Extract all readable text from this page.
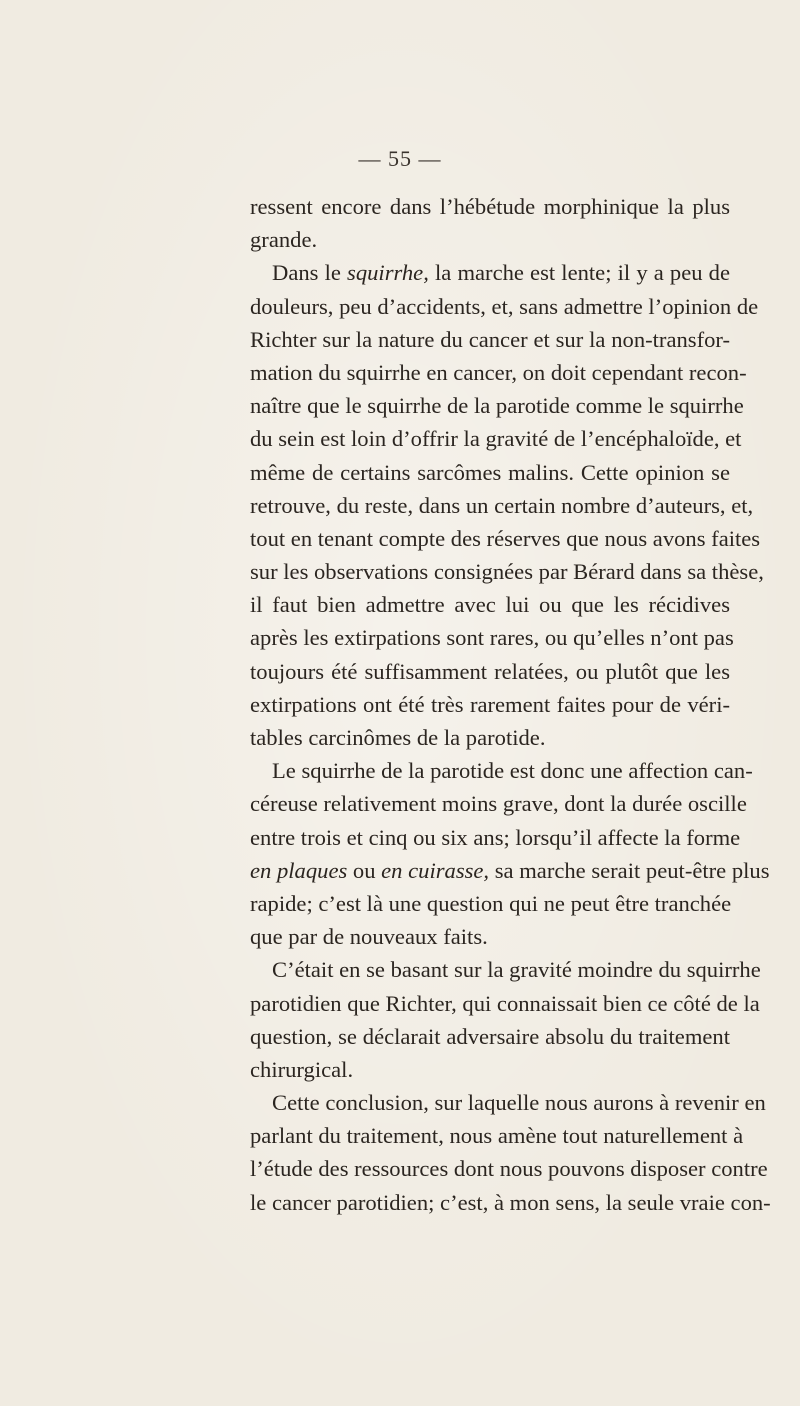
— 55 —
ressent encore dans l’hébétude morphinique la plus
grande.
Dans le squirrhe, la marche est lente; il y a peu de
douleurs, peu d’accidents, et, sans admettre l’opinion de
Richter sur la nature du cancer et sur la non-transfor-
mation du squirrhe en cancer, on doit cependant recon-
naître que le squirrhe de la parotide comme le squirrhe
du sein est loin d’offrir la gravité de l’encéphaloïde, et
même de certains sarcômes malins. Cette opinion se
retrouve, du reste, dans un certain nombre d’auteurs, et,
tout en tenant compte des réserves que nous avons faites
sur les observations consignées par Bérard dans sa thèse,
il faut bien admettre avec lui ou que les récidives
après les extirpations sont rares, ou qu’elles n’ont pas
toujours été suffisamment relatées, ou plutôt que les
extirpations ont été très rarement faites pour de véri-
tables carcinômes de la parotide.
Le squirrhe de la parotide est donc une affection can-
céreuse relativement moins grave, dont la durée oscille
entre trois et cinq ou six ans; lorsqu’il affecte la forme
en plaques ou en cuirasse, sa marche serait peut-être plus
rapide; c’est là une question qui ne peut être tranchée
que par de nouveaux faits.
C’était en se basant sur la gravité moindre du squirrhe
parotidien que Richter, qui connaissait bien ce côté de la
question, se déclarait adversaire absolu du traitement
chirurgical.
Cette conclusion, sur laquelle nous aurons à revenir en
parlant du traitement, nous amène tout naturellement à
l’étude des ressources dont nous pouvons disposer contre
le cancer parotidien; c’est, à mon sens, la seule vraie con-
